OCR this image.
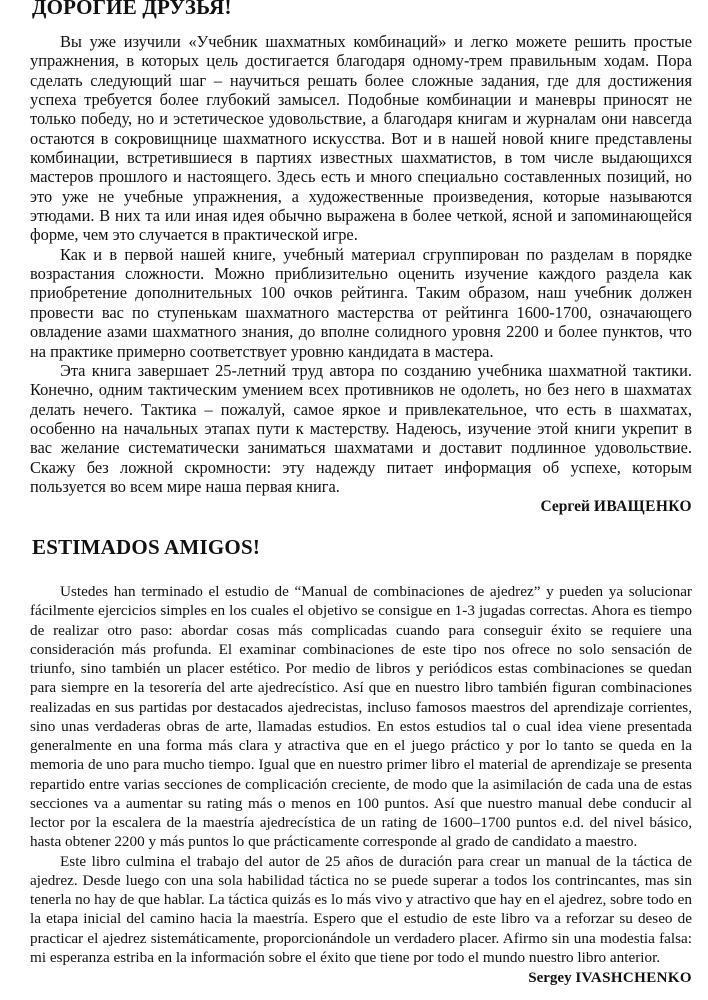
ДОРОГИЕ ДРУЗЬЯ!

Вы уже изучили «Учебник шахматных комбинаций» и легко можете решить простые упражнения, в которых цель достигается благодаря одному-трем правильным ходам. Пора сделать следующий шаг – научиться решать более сложные задания, где для достижения успеха требуется более глубокий замысел. Подобные комбинации и маневры приносят не только победу, но и эстетическое удовольствие, а благодаря книгам и журналам они навсегда остаются в сокровищнице шахматного искусства. Вот и в нашей новой книге представлены комбинации, встретившиеся в партиях известных шахматистов, в том числе выдающихся мастеров прошлого и настоящего. Здесь есть и много специально составленных позиций, но это уже не учебные упражнения, а художественные произведения, которые называются этюдами. В них та или иная идея обычно выражена в более четкой, ясной и запоминающейся форме, чем это случается в практической игре.

Как и в первой нашей книге, учебный материал сгруппирован по разделам в порядке возрастания сложности. Можно приблизительно оценить изучение каждого раздела как приобретение дополнительных 100 очков рейтинга. Таким образом, наш учебник должен провести вас по ступенькам шахматного мастерства от рейтинга 1600-1700, означающего овладение азами шахматного знания, до вполне солидного уровня 2200 и более пунктов, что на практике примерно соответствует уровню кандидата в мастера.

Эта книга завершает 25-летний труд автора по созданию учебника шахматной тактики. Конечно, одним тактическим умением всех противников не одолеть, но без него в шахматах делать нечего. Тактика – пожалуй, самое яркое и привлекательное, что есть в шахматах, особенно на начальных этапах пути к мастерству. Надеюсь, изучение этой книги укрепит в вас желание систематически заниматься шахматами и доставит подлинное удовольствие. Скажу без ложной скромности: эту надежду питает информация об успехе, которым пользуется во всем мире наша первая книга.

Сергей ИВАЩЕНКО

ESTIMADOS AMIGOS!

Ustedes han terminado el estudio de “Manual de combinaciones de ajedrez” y pueden ya solucionar fácilmente ejercicios simples en los cuales el objetivo se consigue en 1-3 jugadas correctas. Ahora es tiempo de realizar otro paso: abordar cosas más complicadas cuando para conseguir éxito se requiere una consideración más profunda. El examinar combinaciones de este tipo nos ofrece no solo sensación de triunfo, sino también un placer estético. Por medio de libros y periódicos estas combinaciones se quedan para siempre en la tesorería del arte ajedrecístico. Así que en nuestro libro también figuran combinaciones realizadas en sus partidas por destacados ajedrecistas, incluso famosos maestros del aprendizaje corrientes, sino unas verdaderas obras de arte, llamadas estudios. En estos estudios tal o cual idea viene presentada generalmente en una forma más clara y atractiva que en el juego práctico y por lo tanto se queda en la memoria de uno para mucho tiempo. Igual que en nuestro primer libro el material de aprendizaje se presenta repartido entre varias secciones de complicación creciente, de modo que la asimilación de cada una de estas secciones va a aumentar su rating más o menos en 100 puntos. Así que nuestro manual debe conducir al lector por la escalera de la maestría ajedrecística de un rating de 1600–1700 puntos e.d. del nivel básico, hasta obtener 2200 y más puntos lo que prácticamente corresponde al grado de candidato a maestro.

Este libro culmina el trabajo del autor de 25 años de duración para crear un manual de la táctica de ajedrez. Desde luego con una sola habilidad táctica no se puede superar a todos los contrincantes, mas sin tenerla no hay de que hablar. La táctica quizás es lo más vivo y atractivo que hay en el ajedrez, sobre todo en la etapa inicial del camino hacia la maestría. Espero que el estudio de este libro va a reforzar su deseo de practicar el ajedrez sistemáticamente, proporcionándole un verdadero placer. Afirmo sin una modestia falsa: mi esperanza estriba en la información sobre el éxito que tiene por todo el mundo nuestro libro anterior.

Sergey IVASHCHENKO
